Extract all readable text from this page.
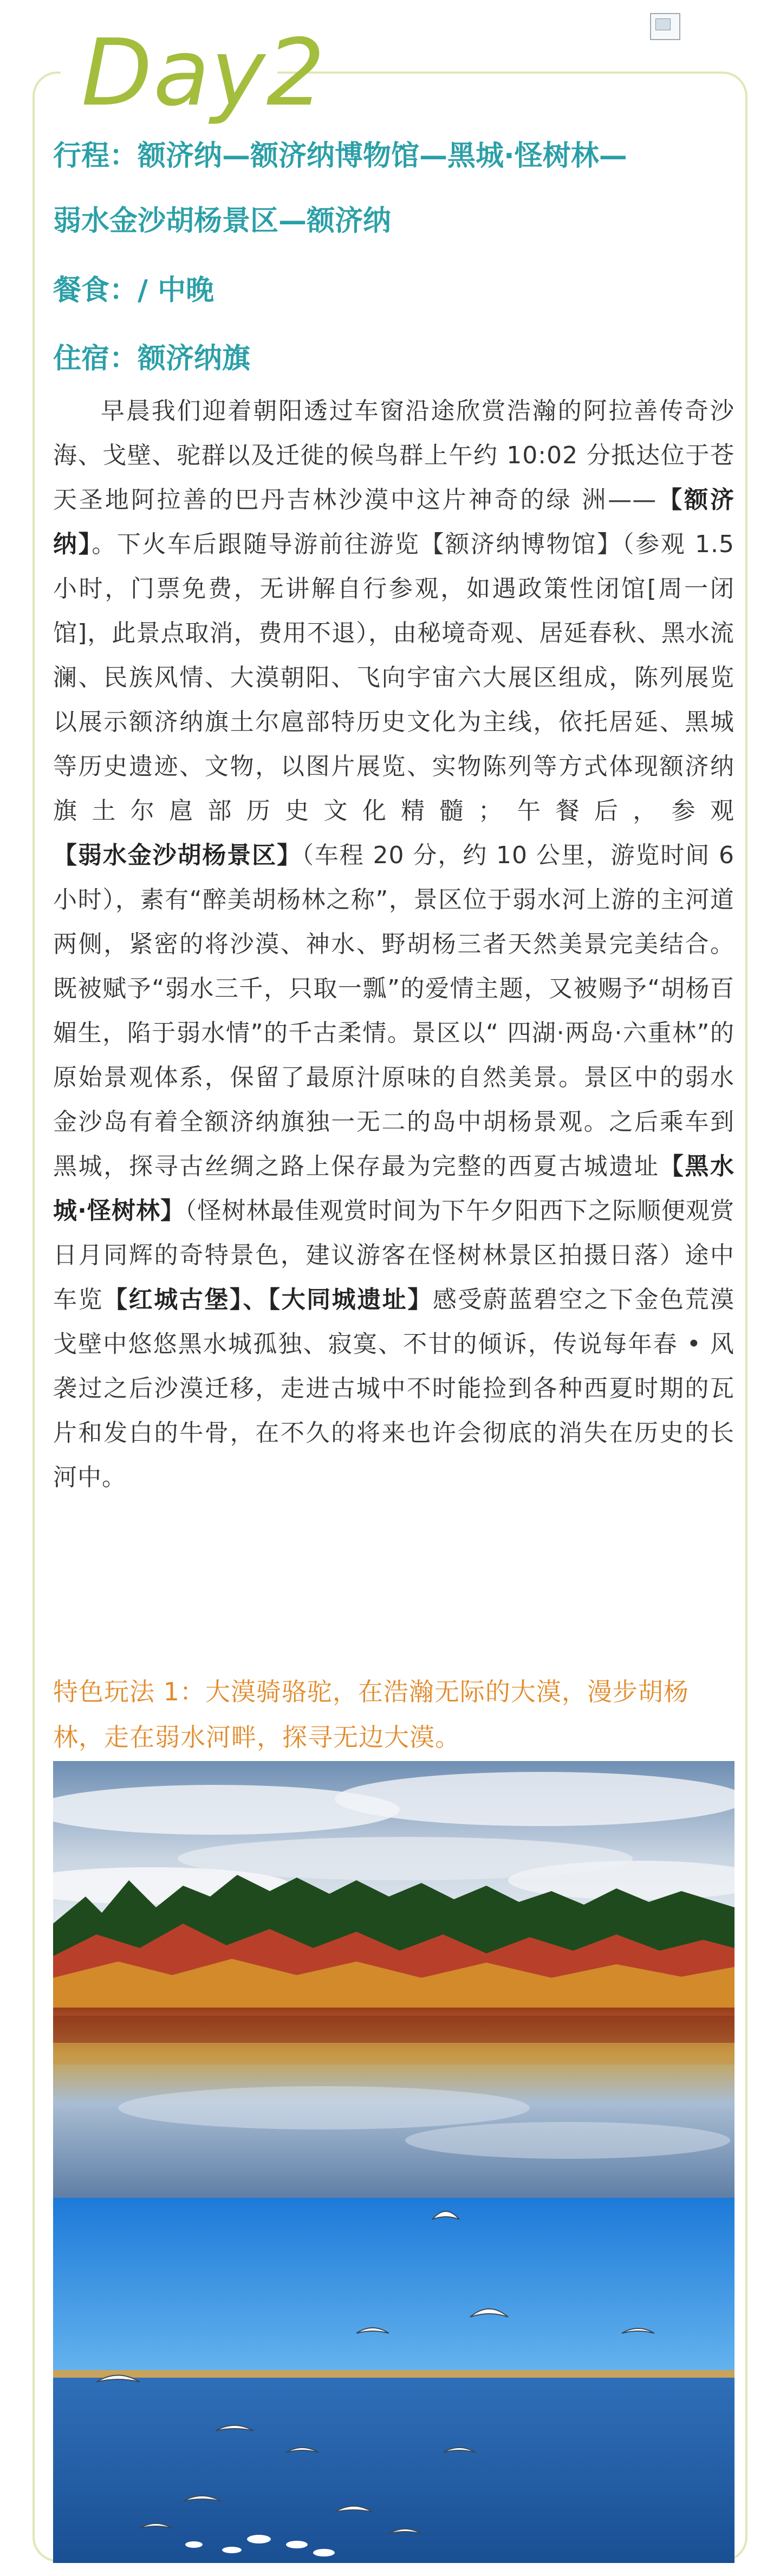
Day2

行程：额济纳—额济纳博物馆—黑城·怪树林—

弱水金沙胡杨景区—额济纳

餐食：/ 中晚

住宿：额济纳旗

早晨我们迎着朝阳透过车窗沿途欣赏浩瀚的阿拉善传奇沙海、戈壁、驼群以及迁徙的候鸟群上午约 10:02 分抵达位于苍天圣地阿拉善的巴丹吉林沙漠中这片神奇的绿 洲——【额济纳】。下火车后跟随导游前往游览【额济纳博物馆】（参观 1.5 小时，门票免费，无讲解自行参观，如遇政策性闭馆[周一闭馆]，此景点取消，费用不退），由秘境奇观、居延春秋、黑水流澜、民族风情、大漠朝阳、飞向宇宙六大展区组成，陈列展览以展示额济纳旗土尔扈部特历史文化为主线，依托居延、黑城等历史遗迹、文物，以图片展览、实物陈列等方式体现额济纳旗土尔扈部历史文化精髓；午餐后，参观【弱水金沙胡杨景区】（车程 20 分，约 10 公里，游览时间 6 小时），素有“醉美胡杨林之称”，景区位于弱水河上游的主河道两侧，紧密的将沙漠、神水、野胡杨三者天然美景完美结合。既被赋予“弱水三千，只取一瓢”的爱情主题，又被赐予“胡杨百媚生，陷于弱水情”的千古柔情。景区以“ 四湖·两岛·六重林”的原始景观体系，保留了最原汁原味的自然美景。景区中的弱水金沙岛有着全额济纳旗独一无二的岛中胡杨景观。之后乘车到黑城，探寻古丝绸之路上保存最为完整的西夏古城遗址【黑水城·怪树林】（怪树林最佳观赏时间为下午夕阳西下之际顺便观赏日月同辉的奇特景色，建议游客在怪树林景区拍摄日落）途中车览【红城古堡】、【大同城遗址】感受蔚蓝碧空之下金色荒漠戈壁中悠悠黑水城孤独、寂寞、不甘的倾诉，传说每年春 • 风袭过之后沙漠迁移，走进古城中不时能捡到各种西夏时期的瓦片和发白的牛骨，在不久的将来也许会彻底的消失在历史的长河中。

特色玩法 1：大漠骑骆驼，在浩瀚无际的大漠，漫步胡杨林，走在弱水河畔，探寻无边大漠。
